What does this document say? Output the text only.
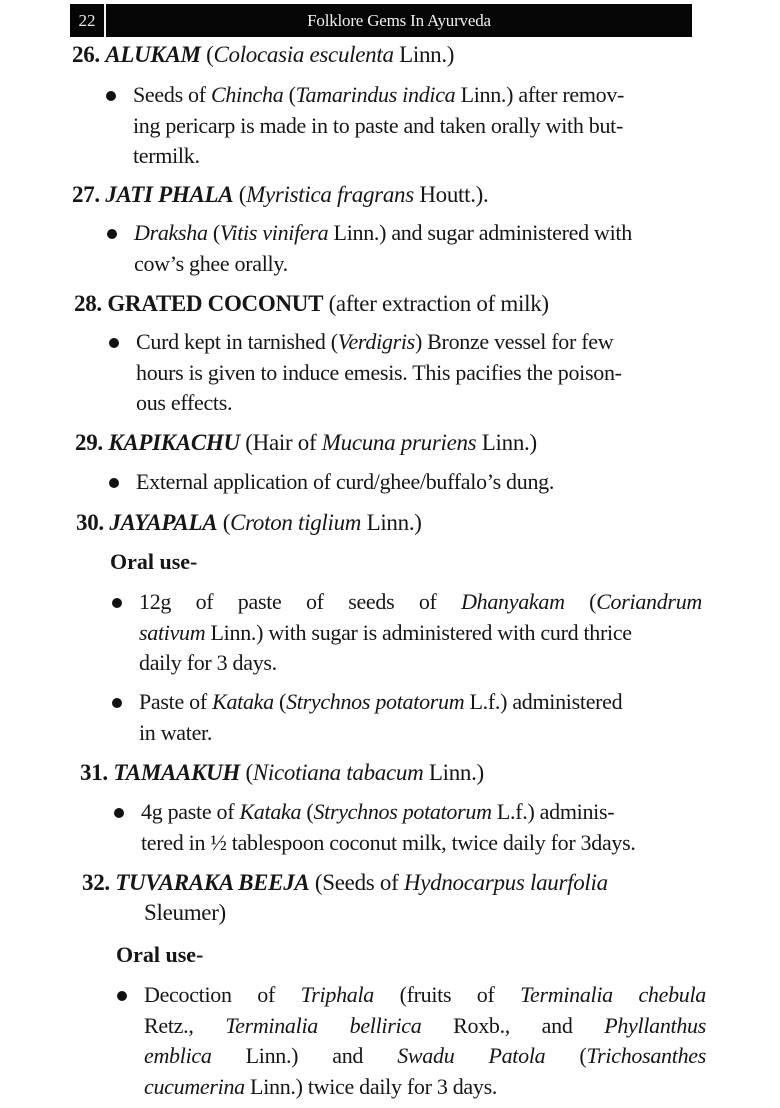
22	Folklore Gems In Ayurveda
26. ALUKAM (Colocasia esculenta Linn.)
Seeds of Chincha (Tamarindus indica Linn.) after remov-
ing pericarp is made in to paste and taken orally with but-
termilk.
27. JATI PHALA (Myristica fragrans Houtt.).
Draksha (Vitis vinifera Linn.) and sugar administered with
cow’s ghee orally.
28. GRATED COCONUT (after extraction of milk)
Curd kept in tarnished (Verdigris) Bronze vessel for few
hours is given to induce emesis. This pacifies the poison-
ous effects.
29. KAPIKACHU (Hair of Mucuna pruriens Linn.)
External application of curd/ghee/buffalo’s dung.
30. JAYAPALA (Croton tiglium Linn.)
Oral use-
12g of paste of seeds of Dhanyakam (Coriandrum
sativum Linn.) with sugar is administered with curd thrice
daily for 3 days.
Paste of Kataka (Strychnos potatorum L.f.) administered
in water.
31. TAMAAKUH (Nicotiana tabacum Linn.)
4g paste of Kataka (Strychnos potatorum L.f.) adminis-
tered in ½ tablespoon coconut milk, twice daily for 3days.
32. TUVARAKA BEEJA (Seeds of Hydnocarpus laurfolia
Sleumer)
Oral use-
Decoction of Triphala (fruits of Terminalia chebula
Retz., Terminalia bellirica Roxb., and Phyllanthus
emblica Linn.) and Swadu Patola (Trichosanthes
cucumerina Linn.) twice daily for 3 days.
